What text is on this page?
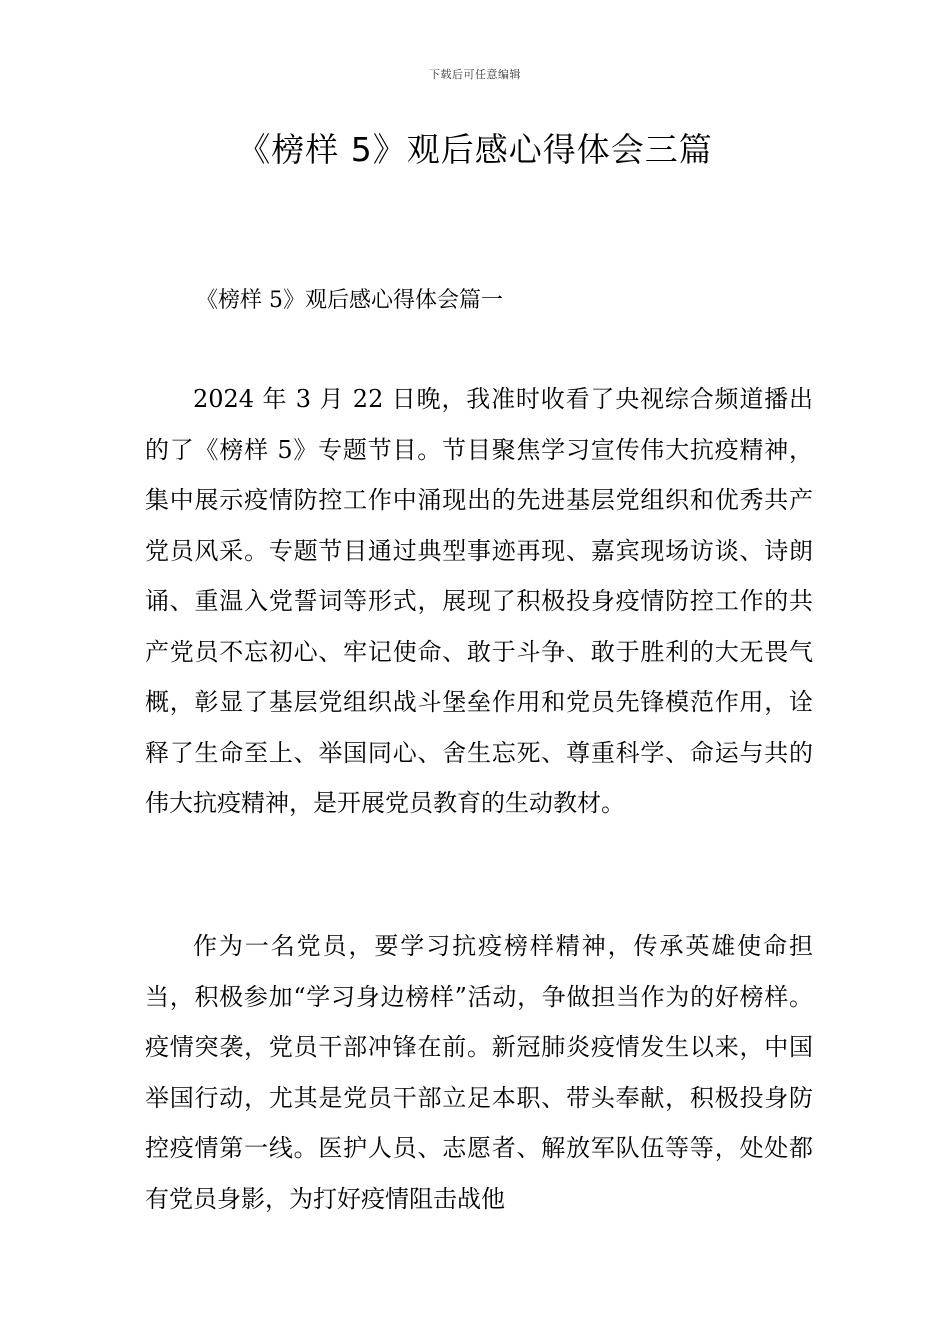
下载后可任意编辑
《榜样 5》观后感心得体会三篇
《榜样 5》观后感心得体会篇一

2024 年 3 月 22 日晚，我准时收看了央视综合频道播出的了《榜样 5》专题节目。节目聚焦学习宣传伟大抗疫精神，集中展示疫情防控工作中涌现出的先进基层党组织和优秀共产党员风采。专题节目通过典型事迹再现、嘉宾现场访谈、诗朗诵、重温入党誓词等形式，展现了积极投身疫情防控工作的共产党员不忘初心、牢记使命、敢于斗争、敢于胜利的大无畏气概，彰显了基层党组织战斗堡垒作用和党员先锋模范作用，诠释了生命至上、举国同心、舍生忘死、尊重科学、命运与共的伟大抗疫精神，是开展党员教育的生动教材。

作为一名党员，要学习抗疫榜样精神，传承英雄使命担当，积极参加“学习身边榜样”活动，争做担当作为的好榜样。疫情突袭，党员干部冲锋在前。新冠肺炎疫情发生以来，中国举国行动，尤其是党员干部立足本职、带头奉献，积极投身防控疫情第一线。医护人员、志愿者、解放军队伍等等，处处都有党员身影，为打好疫情阻击战他
